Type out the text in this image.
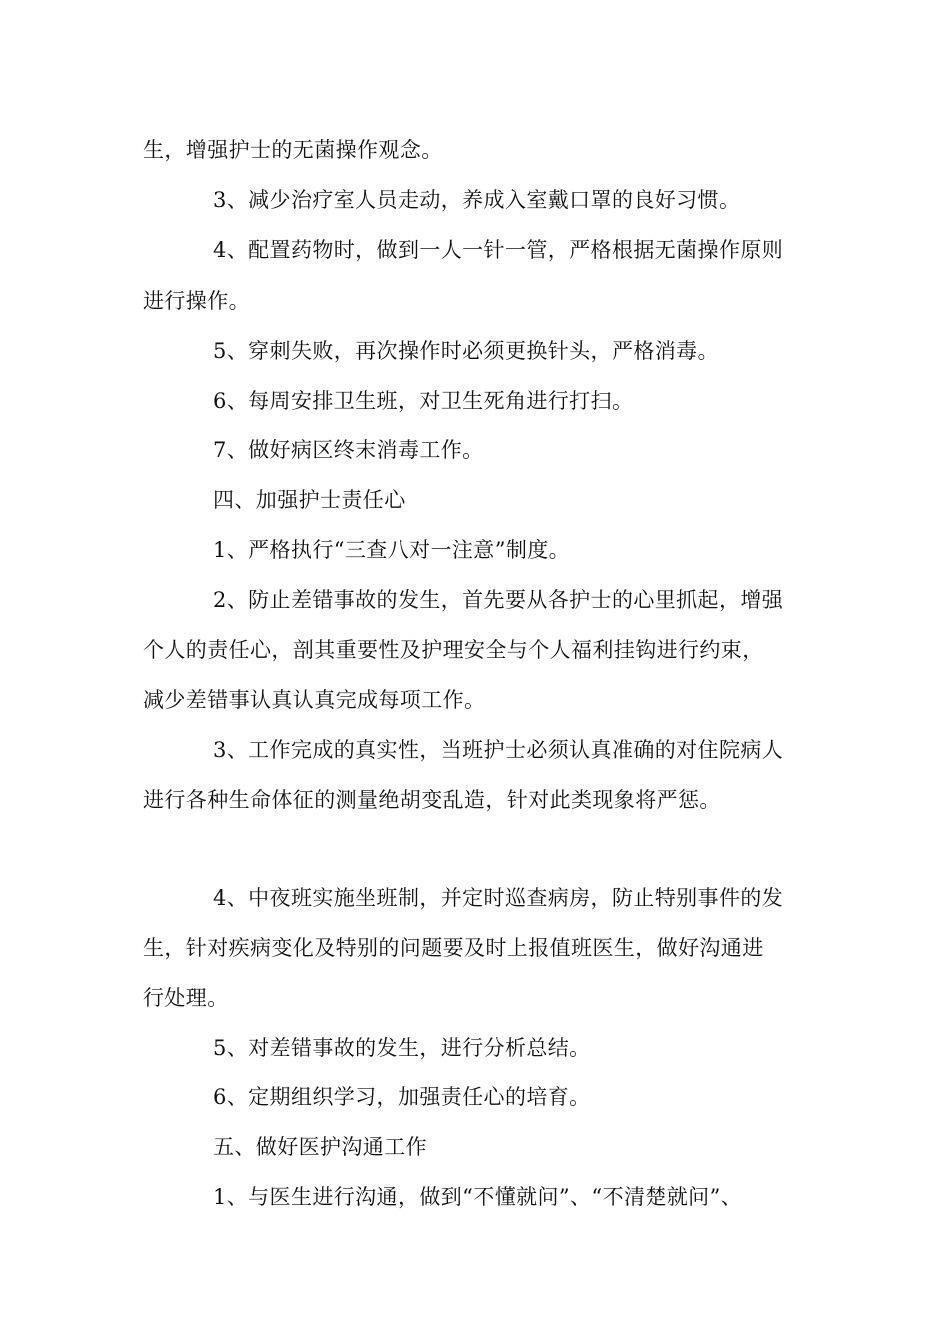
生，增强护士的无菌操作观念。
3、减少治疗室人员走动，养成入室戴口罩的良好习惯。
4、配置药物时，做到一人一针一管，严格根据无菌操作原则
进行操作。
5、穿刺失败，再次操作时必须更换针头，严格消毒。
6、每周安排卫生班，对卫生死角进行打扫。
7、做好病区终末消毒工作。
四、加强护士责任心
1、严格执行“三查八对一注意”制度。
2、防止差错事故的发生，首先要从各护士的心里抓起，增强
个人的责任心，剖其重要性及护理安全与个人福利挂钩进行约束，
减少差错事认真认真完成每项工作。
3、工作完成的真实性，当班护士必须认真准确的对住院病人
进行各种生命体征的测量绝胡变乱造，针对此类现象将严惩。
4、中夜班实施坐班制，并定时巡查病房，防止特别事件的发
生，针对疾病变化及特别的问题要及时上报值班医生，做好沟通进
行处理。
5、对差错事故的发生，进行分析总结。
6、定期组织学习，加强责任心的培育。
五、做好医护沟通工作
1、与医生进行沟通，做到“不懂就问”、“不清楚就问”、
